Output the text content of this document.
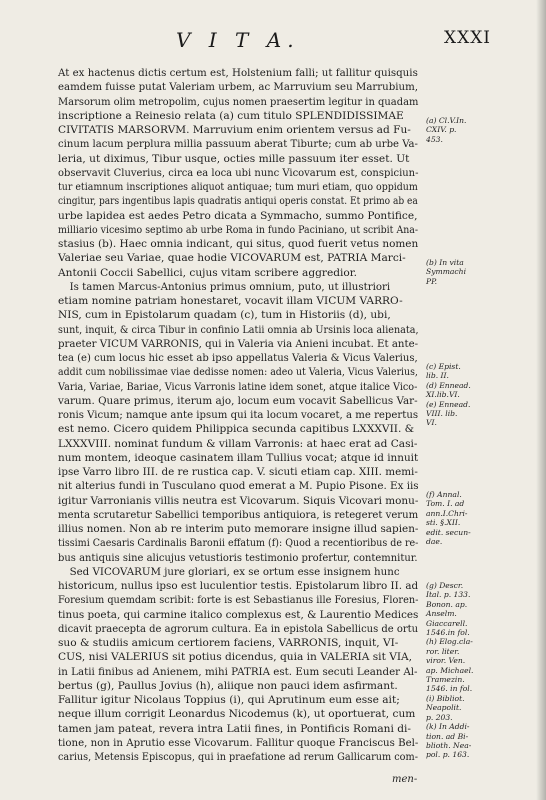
V I T A.	XXXI
At ex hactenus dictis certum est, Holstenium falli; ut fallitur quisquis
eamdem fuisse putat Valeriam urbem, ac Marruvium seu Marrubium,
Marsorum olim metropolim, cujus nomen praesertim legitur in quadam
inscriptione a Reinesio relata (a) cum titulo SPLENDIDISSIMAE
CIVITATIS MARSORVM. Marruvium enim orientem versus ad Fu-
cinum lacum perplura millia passuum aberat Tiburte; cum ab urbe Va-
leria, ut diximus, Tibur usque, octies mille passuum iter esset. Ut
observavit Cluverius, circa ea loca ubi nunc Vicovarum est, conspiciun-
tur etiamnum inscriptiones aliquot antiquae; tum muri etiam, quo oppidum
cingitur, pars ingentibus lapis quadratis antiqui operis constat. Et primo ab ea
urbe lapidea est aedes Petro dicata a Symmacho, summo Pontifice,
milliario vicesimo septimo ab urbe Roma in fundo Paciniano, ut scribit Ana-
stasius (b). Haec omnia indicant, qui situs, quod fuerit vetus nomen
Valeriae seu Variae, quae hodie VICOVARUM est, PATRIA Marci-
Antonii Coccii Sabellici, cujus vitam scribere aggredior.
Is tamen Marcus-Antonius primus omnium, puto, ut illustriori
etiam nomine patriam honestaret, vocavit illam VICUM VARRO-
NIS, cum in Epistolarum quadam (c), tum in Historiis (d), ubi,
sunt, inquit, & circa Tibur in confinio Latii omnia ab Ursinis loca alienata,
praeter VICUM VARRONIS, qui in Valeria via Anieni incubat. Et ante-
tea (e) cum locus hic esset ab ipso appellatus Valeria & Vicus Valerius,
addit cum nobilissimae viae dedisse nomen: adeo ut Valeria, Vicus Valerius,
Varia, Variae, Bariae, Vicus Varronis latine idem sonet, atque italice Vico-
varum. Quare primus, iterum ajo, locum eum vocavit Sabellicus Var-
ronis Vicum; namque ante ipsum qui ita locum vocaret, a me repertus
est nemo. Cicero quidem Philippica secunda capitibus LXXXVII. &
LXXXVIII. nominat fundum & villam Varronis: at haec erat ad Casi-
num montem, ideoque casinatem illam Tullius vocat; atque id innuit
ipse Varro libro III. de re rustica cap. V. sicuti etiam cap. XIII. memi-
nit alterius fundi in Tusculano quod emerat a M. Pupio Pisone. Ex iis
igitur Varronianis villis neutra est Vicovarum. Siquis Vicovari monu-
menta scrutaretur Sabellici temporibus antiquiora, is retegeret verum
illius nomen. Non ab re interim puto memorare insigne illud sapien-
tissimi Caesaris Cardinalis Baronii effatum (f): Quod a recentioribus de re-
bus antiquis sine alicujus vetustioris testimonio profertur, contemnitur.
Sed VICOVARUM jure gloriari, ex se ortum esse insignem hunc
historicum, nullus ipso est luculentior testis. Epistolarum libro II. ad
Foresium quemdam scribit: forte is est Sebastianus ille Foresius, Floren-
tinus poeta, qui carmine italico complexus est, & Laurentio Medices
dicavit praecepta de agrorum cultura. Ea in epistola Sabellicus de ortu
suo & studiis amicum certiorem faciens, VARRONIS, inquit, VI-
CUS, nisi VALERIUS sit potius dicendus, quia in VALERIA sit VIA,
in Latii finibus ad Anienem, mihi PATRIA est. Eum secuti Leander Al-
bertus (g), Paullus Jovius (h), aliique non pauci idem asfirmant.
Fallitur igitur Nicolaus Toppius (i), qui Aprutinum eum esse ait;
neque illum corrigit Leonardus Nicodemus (k), ut oportuerat, cum
tamen jam pateat, revera intra Latii fines, in Pontificis Romani di-
tione, non in Aprutio esse Vicovarum. Fallitur quoque Franciscus Bel-
carius, Metensis Episcopus, qui in praefatione ad rerum Gallicarum com-
(a) Cl.V.In.
CXIV. p.
453.
(b) In vita
Symmachi
PP.
(c) Epist.
lib. II.
(d) Ennead.
XI.lib.VI.
(e) Ennead.
VIII. lib.
VI.
(f) Annal.
Tom. I. ad
ann.I.Chri-
sti. §.XII.
edit. secun-
dae.
(g) Descr.
Ital. p. 133.
Bonon. ap.
Anselm.
Giaccarell.
1546.in fol.
(h) Elog.cla-
ror. liter.
viror. Ven.
ap. Michael.
Tramezin.
1546. in fol.
(i) Bibliot.
Neapolit.
p. 203.
(k) In Addi-
tion. ad Bi-
blioth. Nea-
pol. p. 163.
men-
